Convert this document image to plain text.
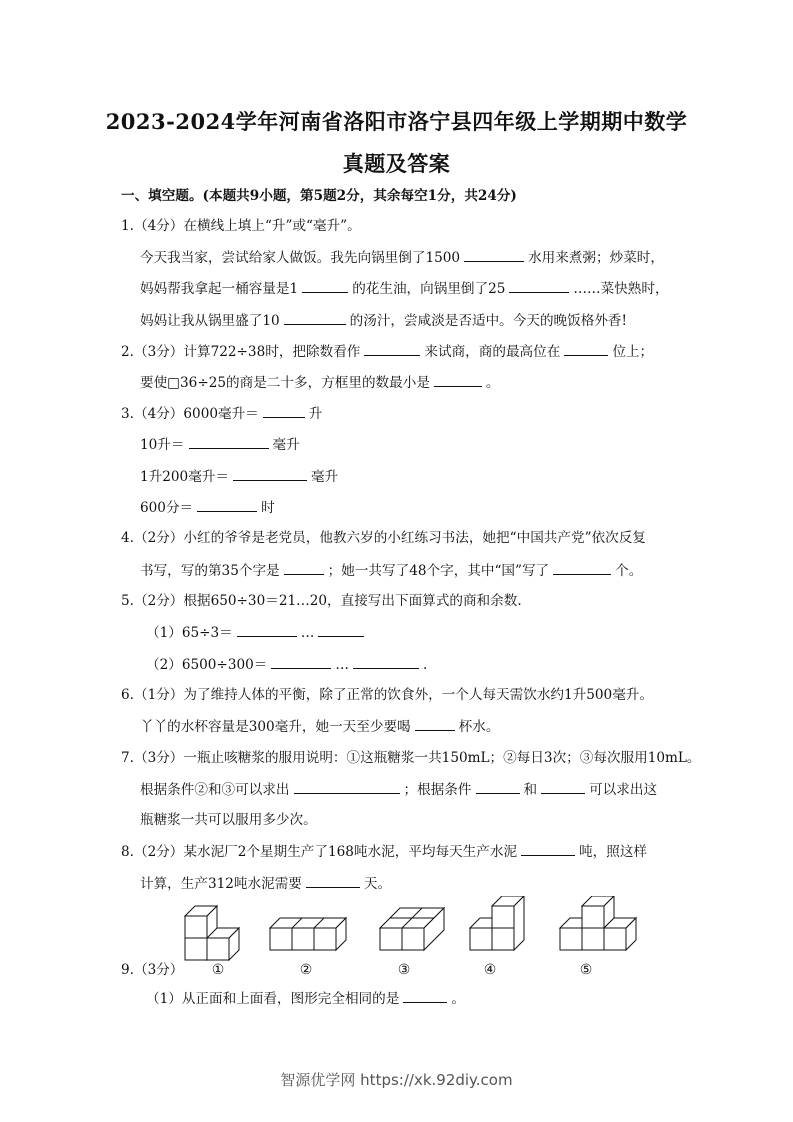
2023-2024学年河南省洛阳市洛宁县四年级上学期期中数学
真题及答案
一、填空题。(本题共9小题，第5题2分，其余每空1分，共24分)
1.（4分）在横线上填上“升”或“毫升”。
今天我当家，尝试给家人做饭。我先向锅里倒了1500	水用来煮粥；炒菜时，
妈妈帮我拿起一桶容量是1	的花生油，向锅里倒了25	……菜快熟时，
妈妈让我从锅里盛了10	的汤汁，尝咸淡是否适中。今天的晚饭格外香!
2.（3分）计算722÷38时，把除数看作	来试商，商的最高位在	位上；
要使□36÷25的商是二十多，方框里的数最小是	。
3.（4分）6000毫升＝	升
10升＝	毫升
1升200毫升＝	毫升
600分＝	时
4.（2分）小红的爷爷是老党员，他教六岁的小红练习书法，她把“中国共产党”依次反复
书写，写的第35个字是	；她一共写了48个字，其中“国”写了	个。
5.（2分）根据650÷30＝21…20，直接写出下面算式的商和余数.
（1）65÷3＝	…
（2）6500÷300＝	…	.
6.（1分）为了维持人体的平衡，除了正常的饮食外，一个人每天需饮水约1升500毫升。
丫丫的水杯容量是300毫升，她一天至少要喝	杯水。
7.（3分）一瓶止咳糖浆的服用说明：①这瓶糖浆一共150mL；②每日3次；③每次服用10mL。
根据条件②和③可以求出	；根据条件	和	可以求出这
瓶糖浆一共可以服用多少次。
8.（2分）某水泥厂2个星期生产了168吨水泥，平均每天生产水泥	吨，照这样
计算，生产312吨水泥需要	天。
①	②	③	④	⑤
9.（3分）
（1）从正面和上面看，图形完全相同的是	。
智源优学网 https://xk.92diy.com
